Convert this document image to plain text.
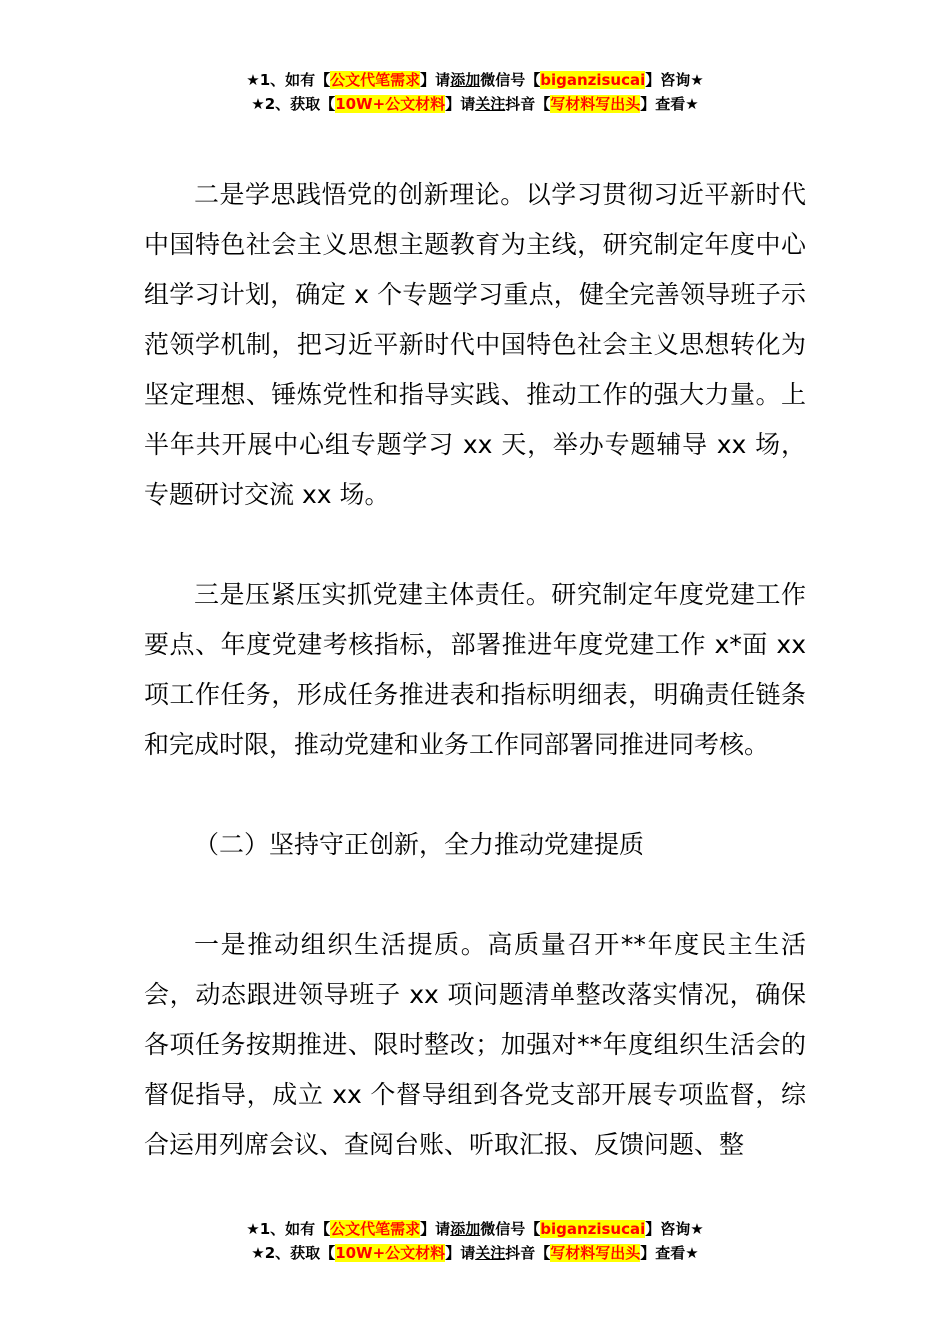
★1、如有【公文代笔需求】请添加微信号【biganzisucai】咨询★
★2、获取【10W+公文材料】请关注抖音【写材料写出头】查看★

二是学思践悟党的创新理论。以学习贯彻习近平新时代中国特色社会主义思想主题教育为主线，研究制定年度中心组学习计划，确定 x 个专题学习重点，健全完善领导班子示范领学机制，把习近平新时代中国特色社会主义思想转化为坚定理想、锤炼党性和指导实践、推动工作的强大力量。上半年共开展中心组专题学习 xx 天，举办专题辅导 xx 场，专题研讨交流 xx 场。

三是压紧压实抓党建主体责任。研究制定年度党建工作要点、年度党建考核指标，部署推进年度党建工作 x*面 xx 项工作任务，形成任务推进表和指标明细表，明确责任链条和完成时限，推动党建和业务工作同部署同推进同考核。

（二）坚持守正创新，全力推动党建提质

一是推动组织生活提质。高质量召开**年度民主生活会，动态跟进领导班子 xx 项问题清单整改落实情况，确保各项任务按期推进、限时整改；加强对**年度组织生活会的督促指导，成立 xx 个督导组到各党支部开展专项监督，综合运用列席会议、查阅台账、听取汇报、反馈问题、整

★1、如有【公文代笔需求】请添加微信号【biganzisucai】咨询★
★2、获取【10W+公文材料】请关注抖音【写材料写出头】查看★
